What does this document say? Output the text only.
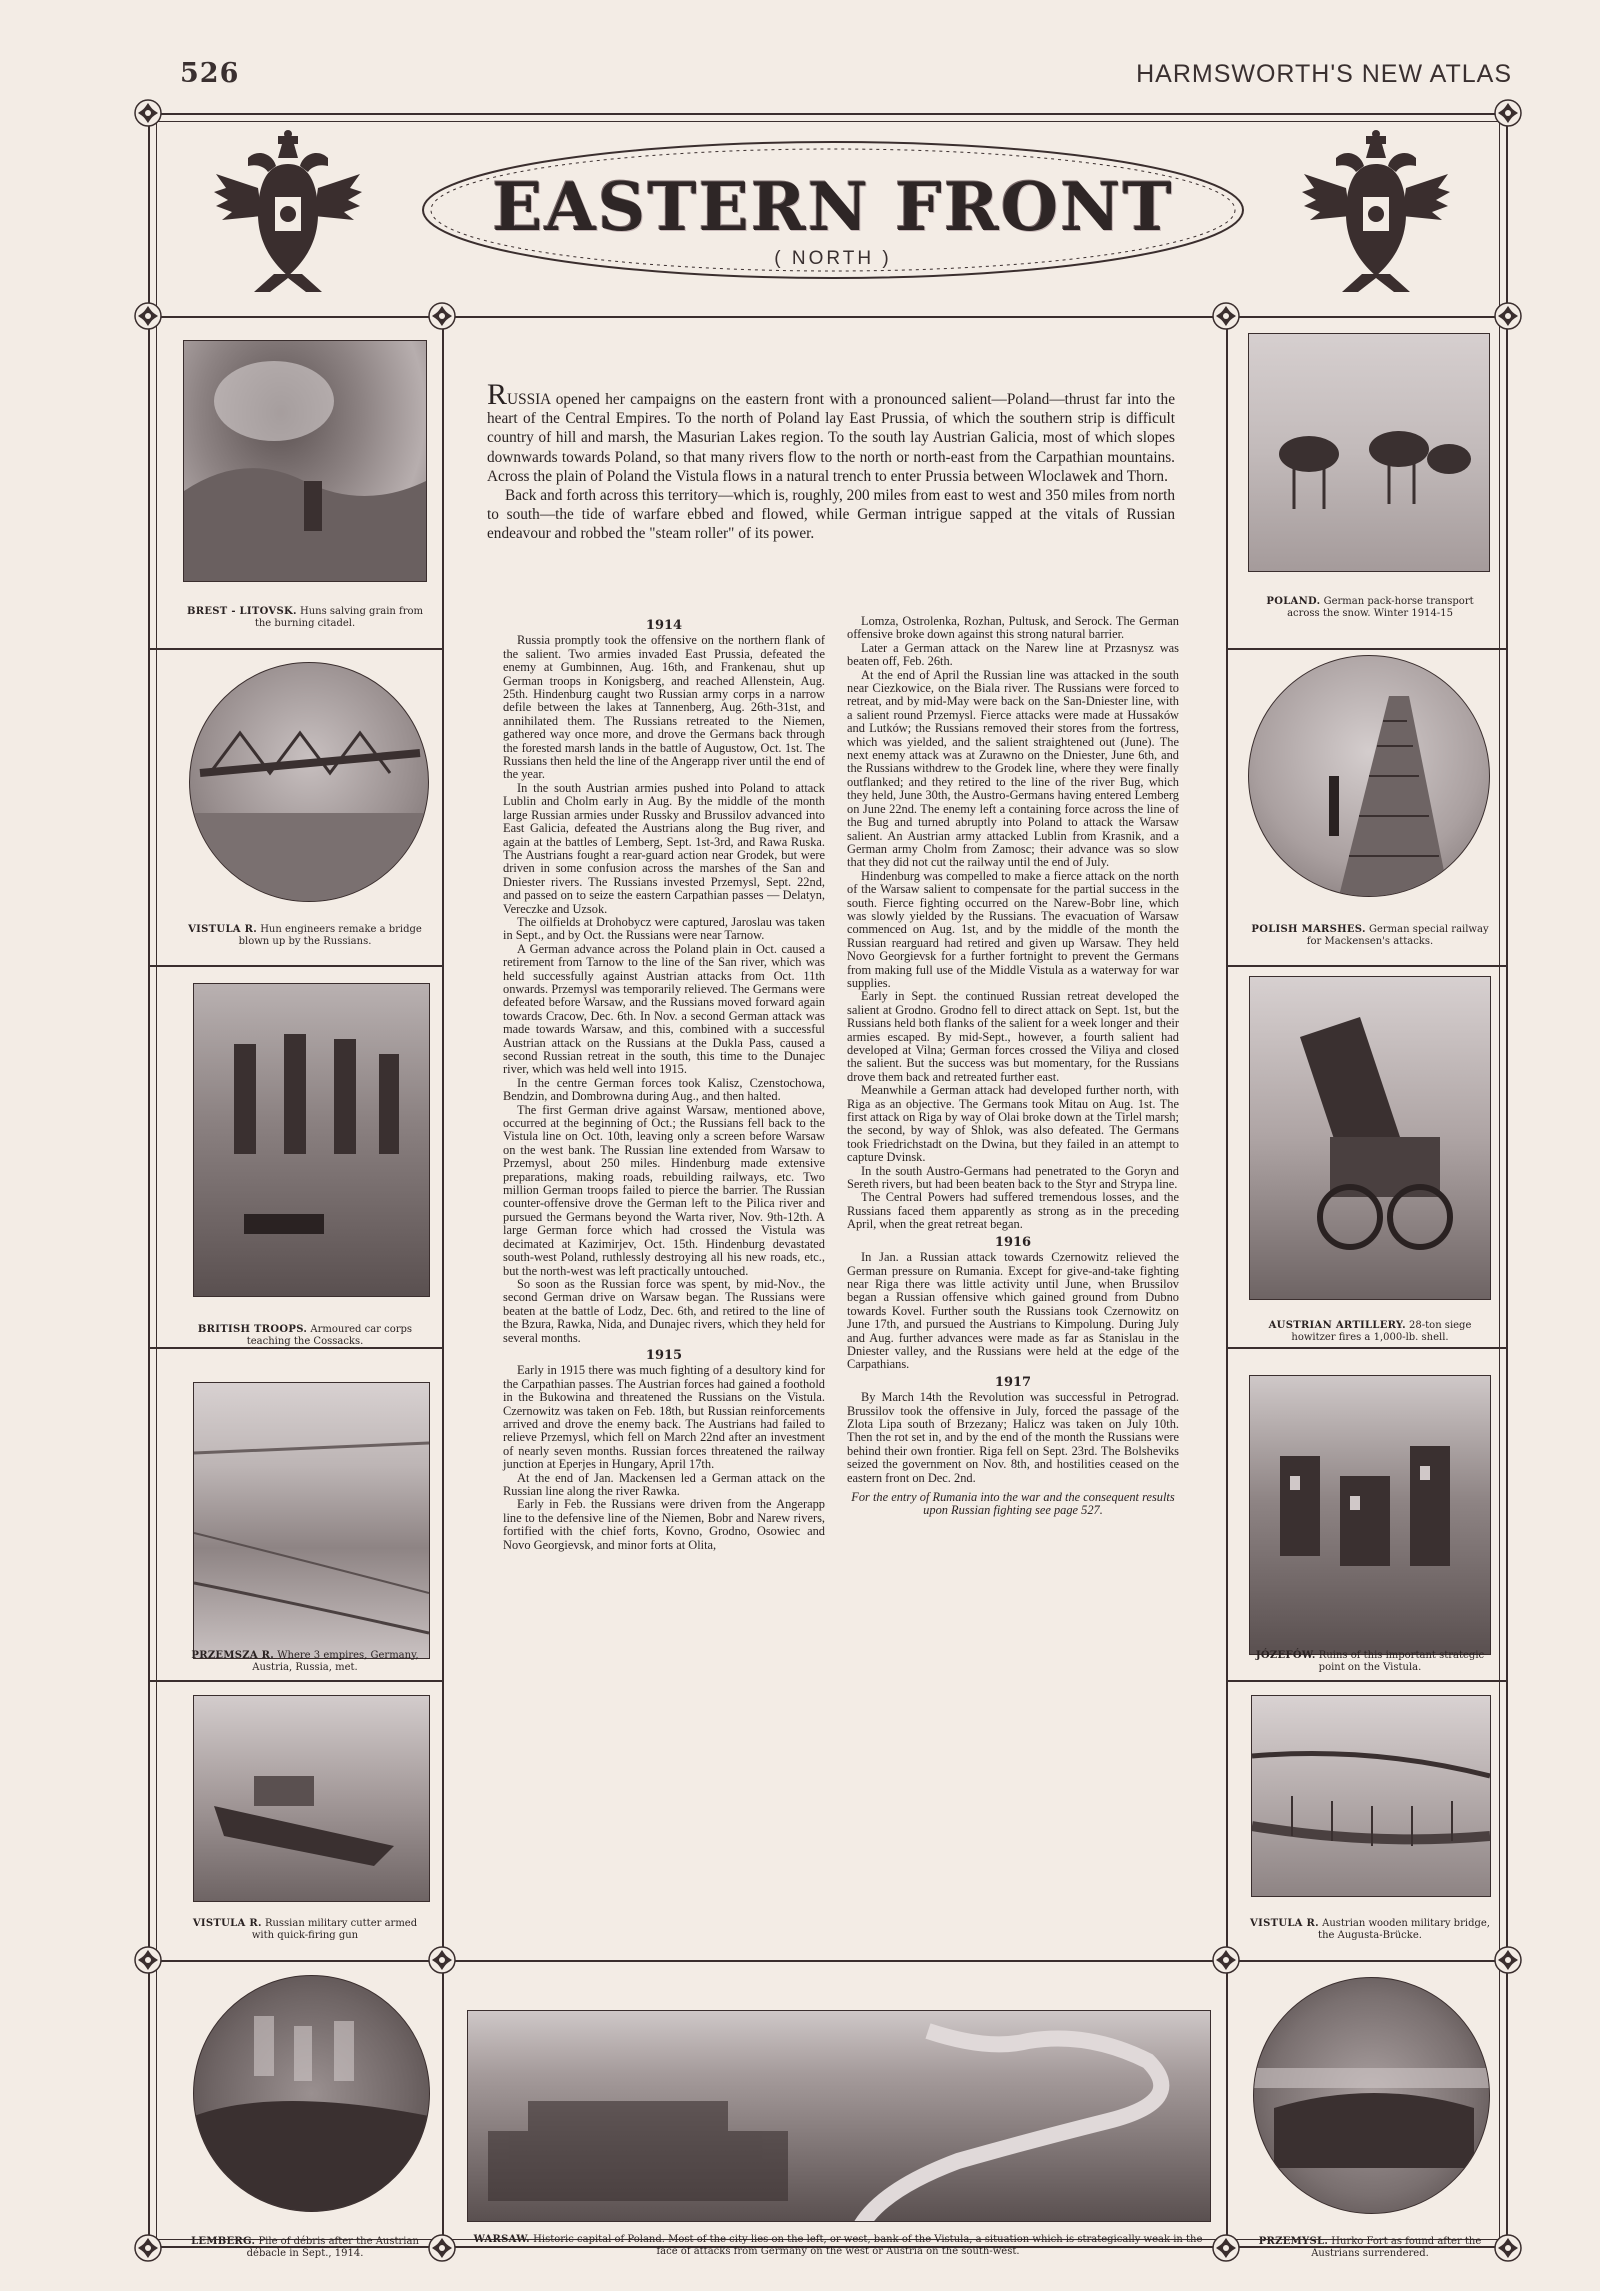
526	HARMSWORTH'S NEW ATLAS
EASTERN FRONT
( NORTH )
BREST - LITOVSK. Huns salving grain from the burning citadel.
VISTULA R. Hun engineers remake a bridge blown up by the Russians.
BRITISH TROOPS. Armoured car corps teaching the Cossacks.
PRZEMSZA R. Where 3 empires, Germany, Austria, Russia, met.
VISTULA R. Russian military cutter armed with quick-firing gun
LEMBERG. Pile of débris after the Austrian débacle in Sept., 1914.
POLAND. German pack-horse transport across the snow. Winter 1914-15
POLISH MARSHES. German special railway for Mackensen's attacks.
AUSTRIAN ARTILLERY. 28-ton siege howitzer fires a 1,000-lb. shell.
JÓZEFÓW. Ruins of this important strategic point on the Vistula.
VISTULA R. Austrian wooden military bridge, the Augusta-Brücke.
PRZEMYSL. Hurko Fort as found after the Austrians surrendered.
WARSAW. Historic capital of Poland. Most of the city lies on the left, or west, bank of the Vistula, a situation which is strategically weak in the face of attacks from Germany on the west or Austria on the south-west.

RUSSIA opened her campaigns on the eastern front with a pronounced salient—Poland—thrust far into the heart of the Central Empires. To the north of Poland lay East Prussia, of which the southern strip is difficult country of hill and marsh, the Masurian Lakes region. To the south lay Austrian Galicia, most of which slopes downwards towards Poland, so that many rivers flow to the north or north-east from the Carpathian mountains. Across the plain of Poland the Vistula flows in a natural trench to enter Prussia between Wloclawek and Thorn.

Back and forth across this territory—which is, roughly, 200 miles from east to west and 350 miles from north to south—the tide of warfare ebbed and flowed, while German intrigue sapped at the vitals of Russian endeavour and robbed the "steam roller" of its power.

1914

Russia promptly took the offensive on the northern flank of the salient. Two armies invaded East Prussia, defeated the enemy at Gumbinnen, Aug. 16th, and Frankenau, shut up German troops in Konigsberg, and reached Allenstein, Aug. 25th. Hindenburg caught two Russian army corps in a narrow defile between the lakes at Tannenberg, Aug. 26th-31st, and annihilated them. The Russians retreated to the Niemen, gathered way once more, and drove the Germans back through the forested marsh lands in the battle of Augustow, Oct. 1st. The Russians then held the line of the Angerapp river until the end of the year.

In the south Austrian armies pushed into Poland to attack Lublin and Cholm early in Aug. By the middle of the month large Russian armies under Russky and Brussilov advanced into East Galicia, defeated the Austrians along the Bug river, and again at the battles of Lemberg, Sept. 1st-3rd, and Rawa Ruska. The Austrians fought a rear-guard action near Grodek, but were driven in some confusion across the marshes of the San and Dniester rivers. The Russians invested Przemysl, Sept. 22nd, and passed on to seize the eastern Carpathian passes — Delatyn, Vereczke and Uzsok.

The oilfields at Drohobycz were captured, Jaroslau was taken in Sept., and by Oct. the Russians were near Tarnow.

A German advance across the Poland plain in Oct. caused a retirement from Tarnow to the line of the San river, which was held successfully against Austrian attacks from Oct. 11th onwards. Przemysl was temporarily relieved. The Germans were defeated before Warsaw, and the Russians moved forward again towards Cracow, Dec. 6th. In Nov. a second German attack was made towards Warsaw, and this, combined with a successful Austrian attack on the Russians at the Dukla Pass, caused a second Russian retreat in the south, this time to the Dunajec river, which was held well into 1915.

In the centre German forces took Kalisz, Czenstochowa, Bendzin, and Dombrowna during Aug., and then halted.

The first German drive against Warsaw, mentioned above, occurred at the beginning of Oct.; the Russians fell back to the Vistula line on Oct. 10th, leaving only a screen before Warsaw on the west bank. The Russian line extended from Warsaw to Przemysl, about 250 miles. Hindenburg made extensive preparations, making roads, rebuilding railways, etc. Two million German troops failed to pierce the barrier. The Russian counter-offensive drove the German left to the Pilica river and pursued the Germans beyond the Warta river, Nov. 9th-12th. A large German force which had crossed the Vistula was decimated at Kazimirjev, Oct. 15th. Hindenburg devastated south-west Poland, ruthlessly destroying all his new roads, etc., but the north-west was left practically untouched.

So soon as the Russian force was spent, by mid-Nov., the second German drive on Warsaw began. The Russians were beaten at the battle of Lodz, Dec. 6th, and retired to the line of the Bzura, Rawka, Nida, and Dunajec rivers, which they held for several months.

1915

Early in 1915 there was much fighting of a desultory kind for the Carpathian passes. The Austrian forces had gained a foothold in the Bukowina and threatened the Russians on the Vistula. Czernowitz was taken on Feb. 18th, but Russian reinforcements arrived and drove the enemy back. The Austrians had failed to relieve Przemysl, which fell on March 22nd after an investment of nearly seven months. Russian forces threatened the railway junction at Eperjes in Hungary, April 17th.

At the end of Jan. Mackensen led a German attack on the Russian line along the river Rawka.

Early in Feb. the Russians were driven from the Angerapp line to the defensive line of the Niemen, Bobr and Narew rivers, fortified with the chief forts, Kovno, Grodno, Osowiec and Novo Georgievsk, and minor forts at Olita,

Lomza, Ostrolenka, Rozhan, Pultusk, and Serock. The German offensive broke down against this strong natural barrier.

Later a German attack on the Narew line at Przasnysz was beaten off, Feb. 26th.

At the end of April the Russian line was attacked in the south near Ciezkowice, on the Biala river. The Russians were forced to retreat, and by mid-May were back on the San-Dniester line, with a salient round Przemysl. Fierce attacks were made at Hussaków and Lutków; the Russians removed their stores from the fortress, which was yielded, and the salient straightened out (June). The next enemy attack was at Zurawno on the Dniester, June 6th, and the Russians withdrew to the Grodek line, where they were finally outflanked; and they retired to the line of the river Bug, which they held, June 30th, the Austro-Germans having entered Lemberg on June 22nd. The enemy left a containing force across the line of the Bug and turned abruptly into Poland to attack the Warsaw salient. An Austrian army attacked Lublin from Krasnik, and a German army Cholm from Zamosc; their advance was so slow that they did not cut the railway until the end of July.

Hindenburg was compelled to make a fierce attack on the north of the Warsaw salient to compensate for the partial success in the south. Fierce fighting occurred on the Narew-Bobr line, which was slowly yielded by the Russians. The evacuation of Warsaw commenced on Aug. 1st, and by the middle of the month the Russian rearguard had retired and given up Warsaw. They held Novo Georgievsk for a further fortnight to prevent the Germans from making full use of the Middle Vistula as a waterway for war supplies.

Early in Sept. the continued Russian retreat developed the salient at Grodno. Grodno fell to direct attack on Sept. 1st, but the Russians held both flanks of the salient for a week longer and their armies escaped. By mid-Sept., however, a fourth salient had developed at Vilna; German forces crossed the Viliya and closed the salient. But the success was but momentary, for the Russians drove them back and retreated further east.

Meanwhile a German attack had developed further north, with Riga as an objective. The Germans took Mitau on Aug. 1st. The first attack on Riga by way of Olai broke down at the Tirlel marsh; the second, by way of Shlok, was also defeated. The Germans took Friedrichstadt on the Dwina, but they failed in an attempt to capture Dvinsk.

In the south Austro-Germans had penetrated to the Goryn and Sereth rivers, but had been beaten back to the Styr and Strypa line.

The Central Powers had suffered tremendous losses, and the Russians faced them apparently as strong as in the preceding April, when the great retreat began.

1916

In Jan. a Russian attack towards Czernowitz relieved the German pressure on Rumania. Except for give-and-take fighting near Riga there was little activity until June, when Brussilov began a Russian offensive which gained ground from Dubno towards Kovel. Further south the Russians took Czernowitz on June 17th, and pursued the Austrians to Kimpolung. During July and Aug. further advances were made as far as Stanislau in the Dniester valley, and the Russians were held at the edge of the Carpathians.

1917

By March 14th the Revolution was successful in Petrograd. Brussilov took the offensive in July, forced the passage of the Zlota Lipa south of Brzezany; Halicz was taken on July 10th. Then the rot set in, and by the end of the month the Russians were behind their own frontier. Riga fell on Sept. 23rd. The Bolsheviks seized the government on Nov. 8th, and hostilities ceased on the eastern front on Dec. 2nd.

For the entry of Rumania into the war and the consequent results upon Russian fighting see page 527.
